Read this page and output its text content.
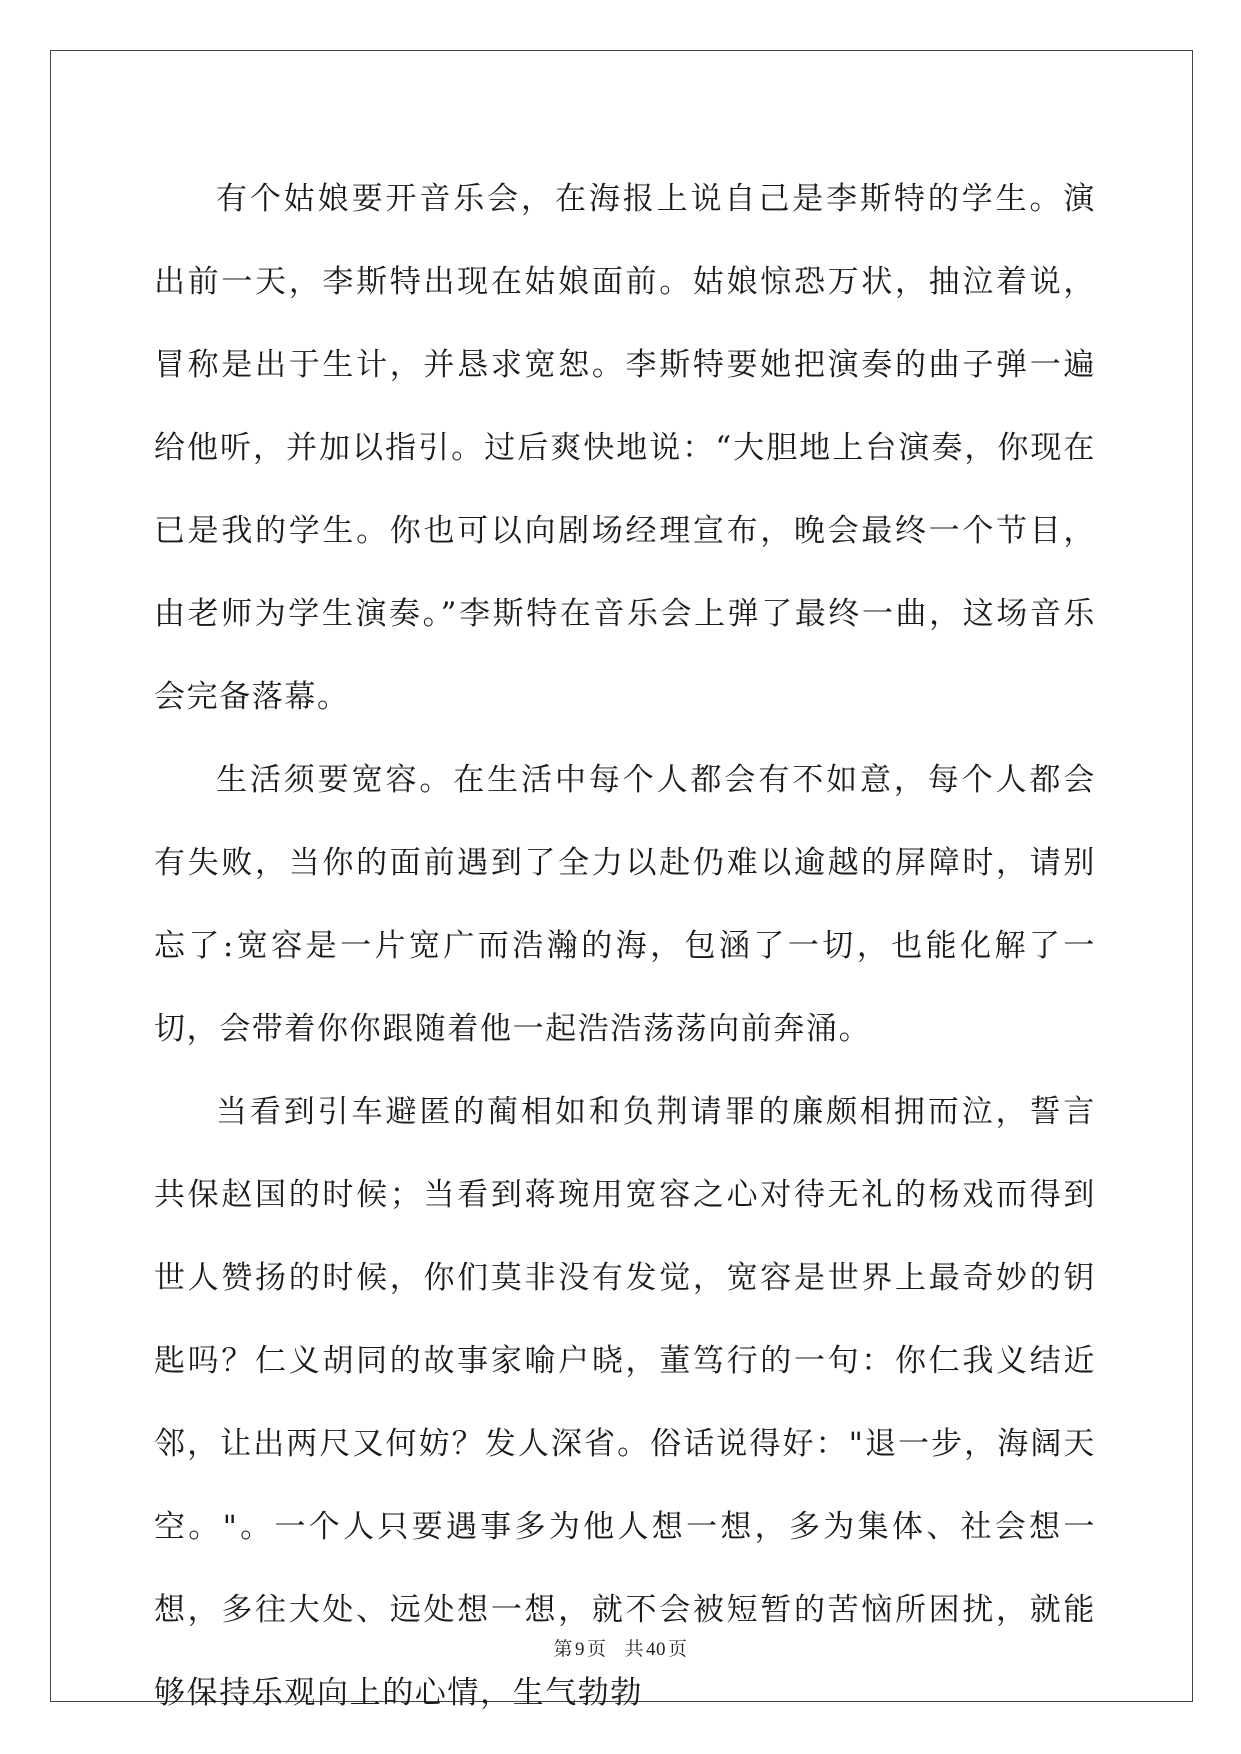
有个姑娘要开音乐会，在海报上说自己是李斯特的学生。演出前一天，李斯特出现在姑娘面前。姑娘惊恐万状，抽泣着说，冒称是出于生计，并恳求宽恕。李斯特要她把演奏的曲子弹一遍给他听，并加以指引。过后爽快地说：“大胆地上台演奏，你现在已是我的学生。你也可以向剧场经理宣布，晚会最终一个节目，由老师为学生演奏。”李斯特在音乐会上弹了最终一曲，这场音乐会完备落幕。

生活须要宽容。在生活中每个人都会有不如意，每个人都会有失败，当你的面前遇到了全力以赴仍难以逾越的屏障时，请别忘了:宽容是一片宽广而浩瀚的海，包涵了一切，也能化解了一切，会带着你你跟随着他一起浩浩荡荡向前奔涌。

当看到引车避匿的蔺相如和负荆请罪的廉颇相拥而泣，誓言共保赵国的时候；当看到蒋琬用宽容之心对待无礼的杨戏而得到世人赞扬的时候，你们莫非没有发觉，宽容是世界上最奇妙的钥匙吗？仁义胡同的故事家喻户晓，董笃行的一句：你仁我义结近邻，让出两尺又何妨？发人深省。俗话说得好："退一步，海阔天空。"。一个人只要遇事多为他人想一想，多为集体、社会想一想，多往大处、远处想一想，就不会被短暂的苦恼所困扰，就能够保持乐观向上的心情，生气勃勃

第 9 页 共 40 页
